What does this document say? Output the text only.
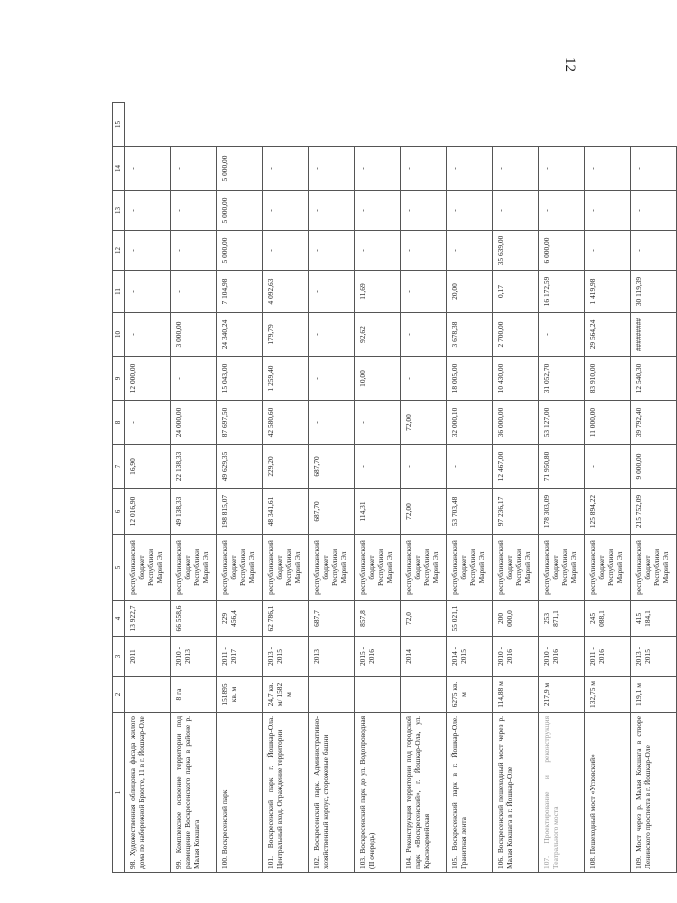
12
1	2	3	4	5	6	7	8	9	10	11	12	13	14	15
98. Художественная облицовка фасада жилого дома по набережной Брюгге, 11 в г. Йошкар-Оле		2011	13 922,7	республиканский бюджет Республики Марий Эл	12 016,90	16,90	-	12 000,00	-	-	-	-	-	
99. Комплексное освоение территории под размещение Воскресенского парка в районе р. Малая Кокшага	8 га	2010 - 2013	66 558,6	республиканский бюджет Республики Марий Эл	49 138,33	22 138,33	24 000,00	-	3 000,00	-	-	-	-	
100. Воскресенский парк	151895 кв. м	2011 - 2017	229 456,4	республиканский бюджет Республики Марий Эл	198 815,07	49 629,35	87 697,50	15 043,00	24 340,24	7 104,98	5 000,00	5 000,00	5 000,00	
101. Воскресенский парк г. Йошкар-Ола. Центральный вход. Ограждение территории	24,7 кв. м/ 1582 м	2013 - 2015	62 786,1	республиканский бюджет Республики Марий Эл	48 341,61	229,20	42 580,60	1 259,40	179,79	4 092,63	-	-	-	
102. Воскресенский парк. Административно-хозяйственный корпус, сторожевые башни		2013	687,7	республиканский бюджет Республики Марий Эл	687,70	687,70	-	-	-	-	-	-	-	
103. Воскресенский парк до ул. Водопроводная (II очередь)		2015 - 2016	857,8	республиканский бюджет Республики Марий Эл	114,31	-	-	10,00	92,62	11,69	-	-	-	
104. Реконструкция территории под городской парк «Воскресенский», г. Йошкар-Ола, ул. Красноармейская		2014	72,0	республиканский бюджет Республики Марий Эл	72,00	-	72,00	-	-	-	-	-	-	
105. Воскресенский парк в г. Йошкар-Оле. Гранитная лента	6275 кв. м	2014 - 2015	55 021,1	республиканский бюджет Республики Марий Эл	53 703,48	-	32 000,10	18 005,00	3 678,38	20,00	-	-	-	
106. Воскресенский пешеходный мост через р. Малая Кокшага в г. Йошкар-Оле	114,88 м	2010 - 2016	200 000,0	республиканский бюджет Республики Марий Эл	97 236,17	12 467,00	36 000,00	10 430,00	2 700,00	0,17	35 639,00	-	-	
107. Проектирование и реконструкция Театрального моста	217,9 м	2010 - 2016	253 871,1	республиканский бюджет Республики Марий Эл	178 303,09	71 950,80	53 127,00	31 052,70	-	16 172,59	6 000,00	-	-	
108. Пешеходный мост «Угловский»	132,75 м	2011 - 2016	245 088,1	республиканский бюджет Республики Марий Эл	125 894,22	-	11 000,00	83 910,00	29 564,24	1 419,98	-	-	-	
109. Мост через р. Малая Кокшага в створе Ленинского проспекта в г. Йошкар-Оле	119,1 м	2013 - 2015	415 184,1	республиканский бюджет Республики Марий Эл	215 752,09	9 000,00	39 792,40	12 540,30	#########	30 119,39	-	-	-	
